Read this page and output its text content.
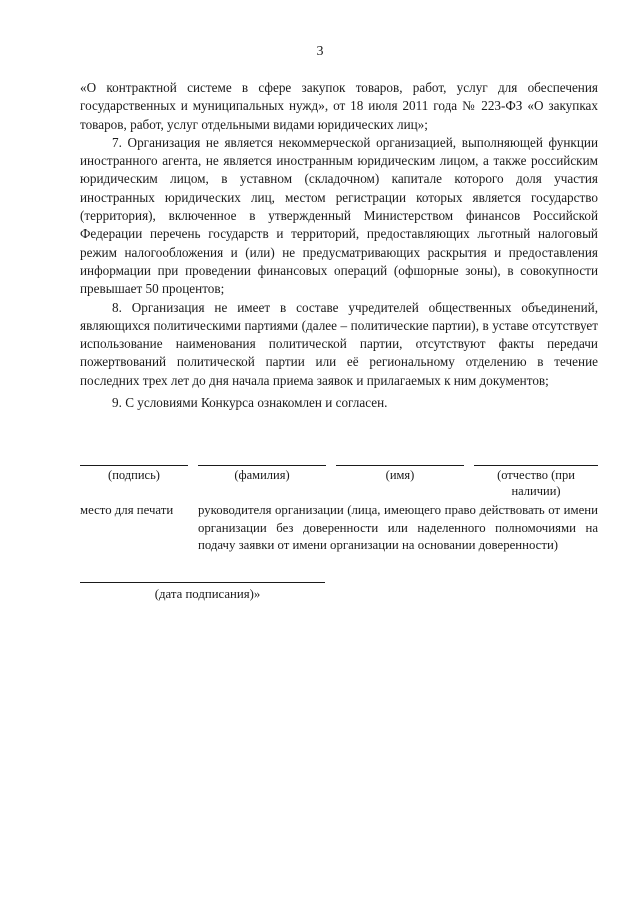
3

«О контрактной системе в сфере закупок товаров, работ, услуг для обеспечения государственных и муниципальных нужд», от 18 июля 2011 года № 223-ФЗ «О закупках товаров, работ, услуг отдельными видами юридических лиц»;

7. Организация не является некоммерческой организацией, выполняющей функции иностранного агента, не является иностранным юридическим лицом, а также российским юридическим лицом, в уставном (складочном) капитале которого доля участия иностранных юридических лиц, местом регистрации которых является государство (территория), включенное в утвержденный Министерством финансов Российской Федерации перечень государств и территорий, предоставляющих льготный налоговый режим налогообложения и (или) не предусматривающих раскрытия и предоставления информации при проведении финансовых операций (офшорные зоны), в совокупности превышает 50 процентов;

8. Организация не имеет в составе учредителей общественных объединений, являющихся политическими партиями (далее – политические партии), в уставе отсутствует использование наименования политической партии, отсутствуют факты передачи пожертвований политической партии или её региональному отделению в течение последних трех лет до дня начала приема заявок и прилагаемых к ним документов;

9. С условиями Конкурса ознакомлен и согласен.

(подпись)	(фамилия)	(имя)	(отчество (при наличии)
место для печати	руководителя организации (лица, имеющего право действовать от имени организации без доверенности или наделенного полномочиями на подачу заявки от имени организации на основании доверенности)
(дата подписания)»
